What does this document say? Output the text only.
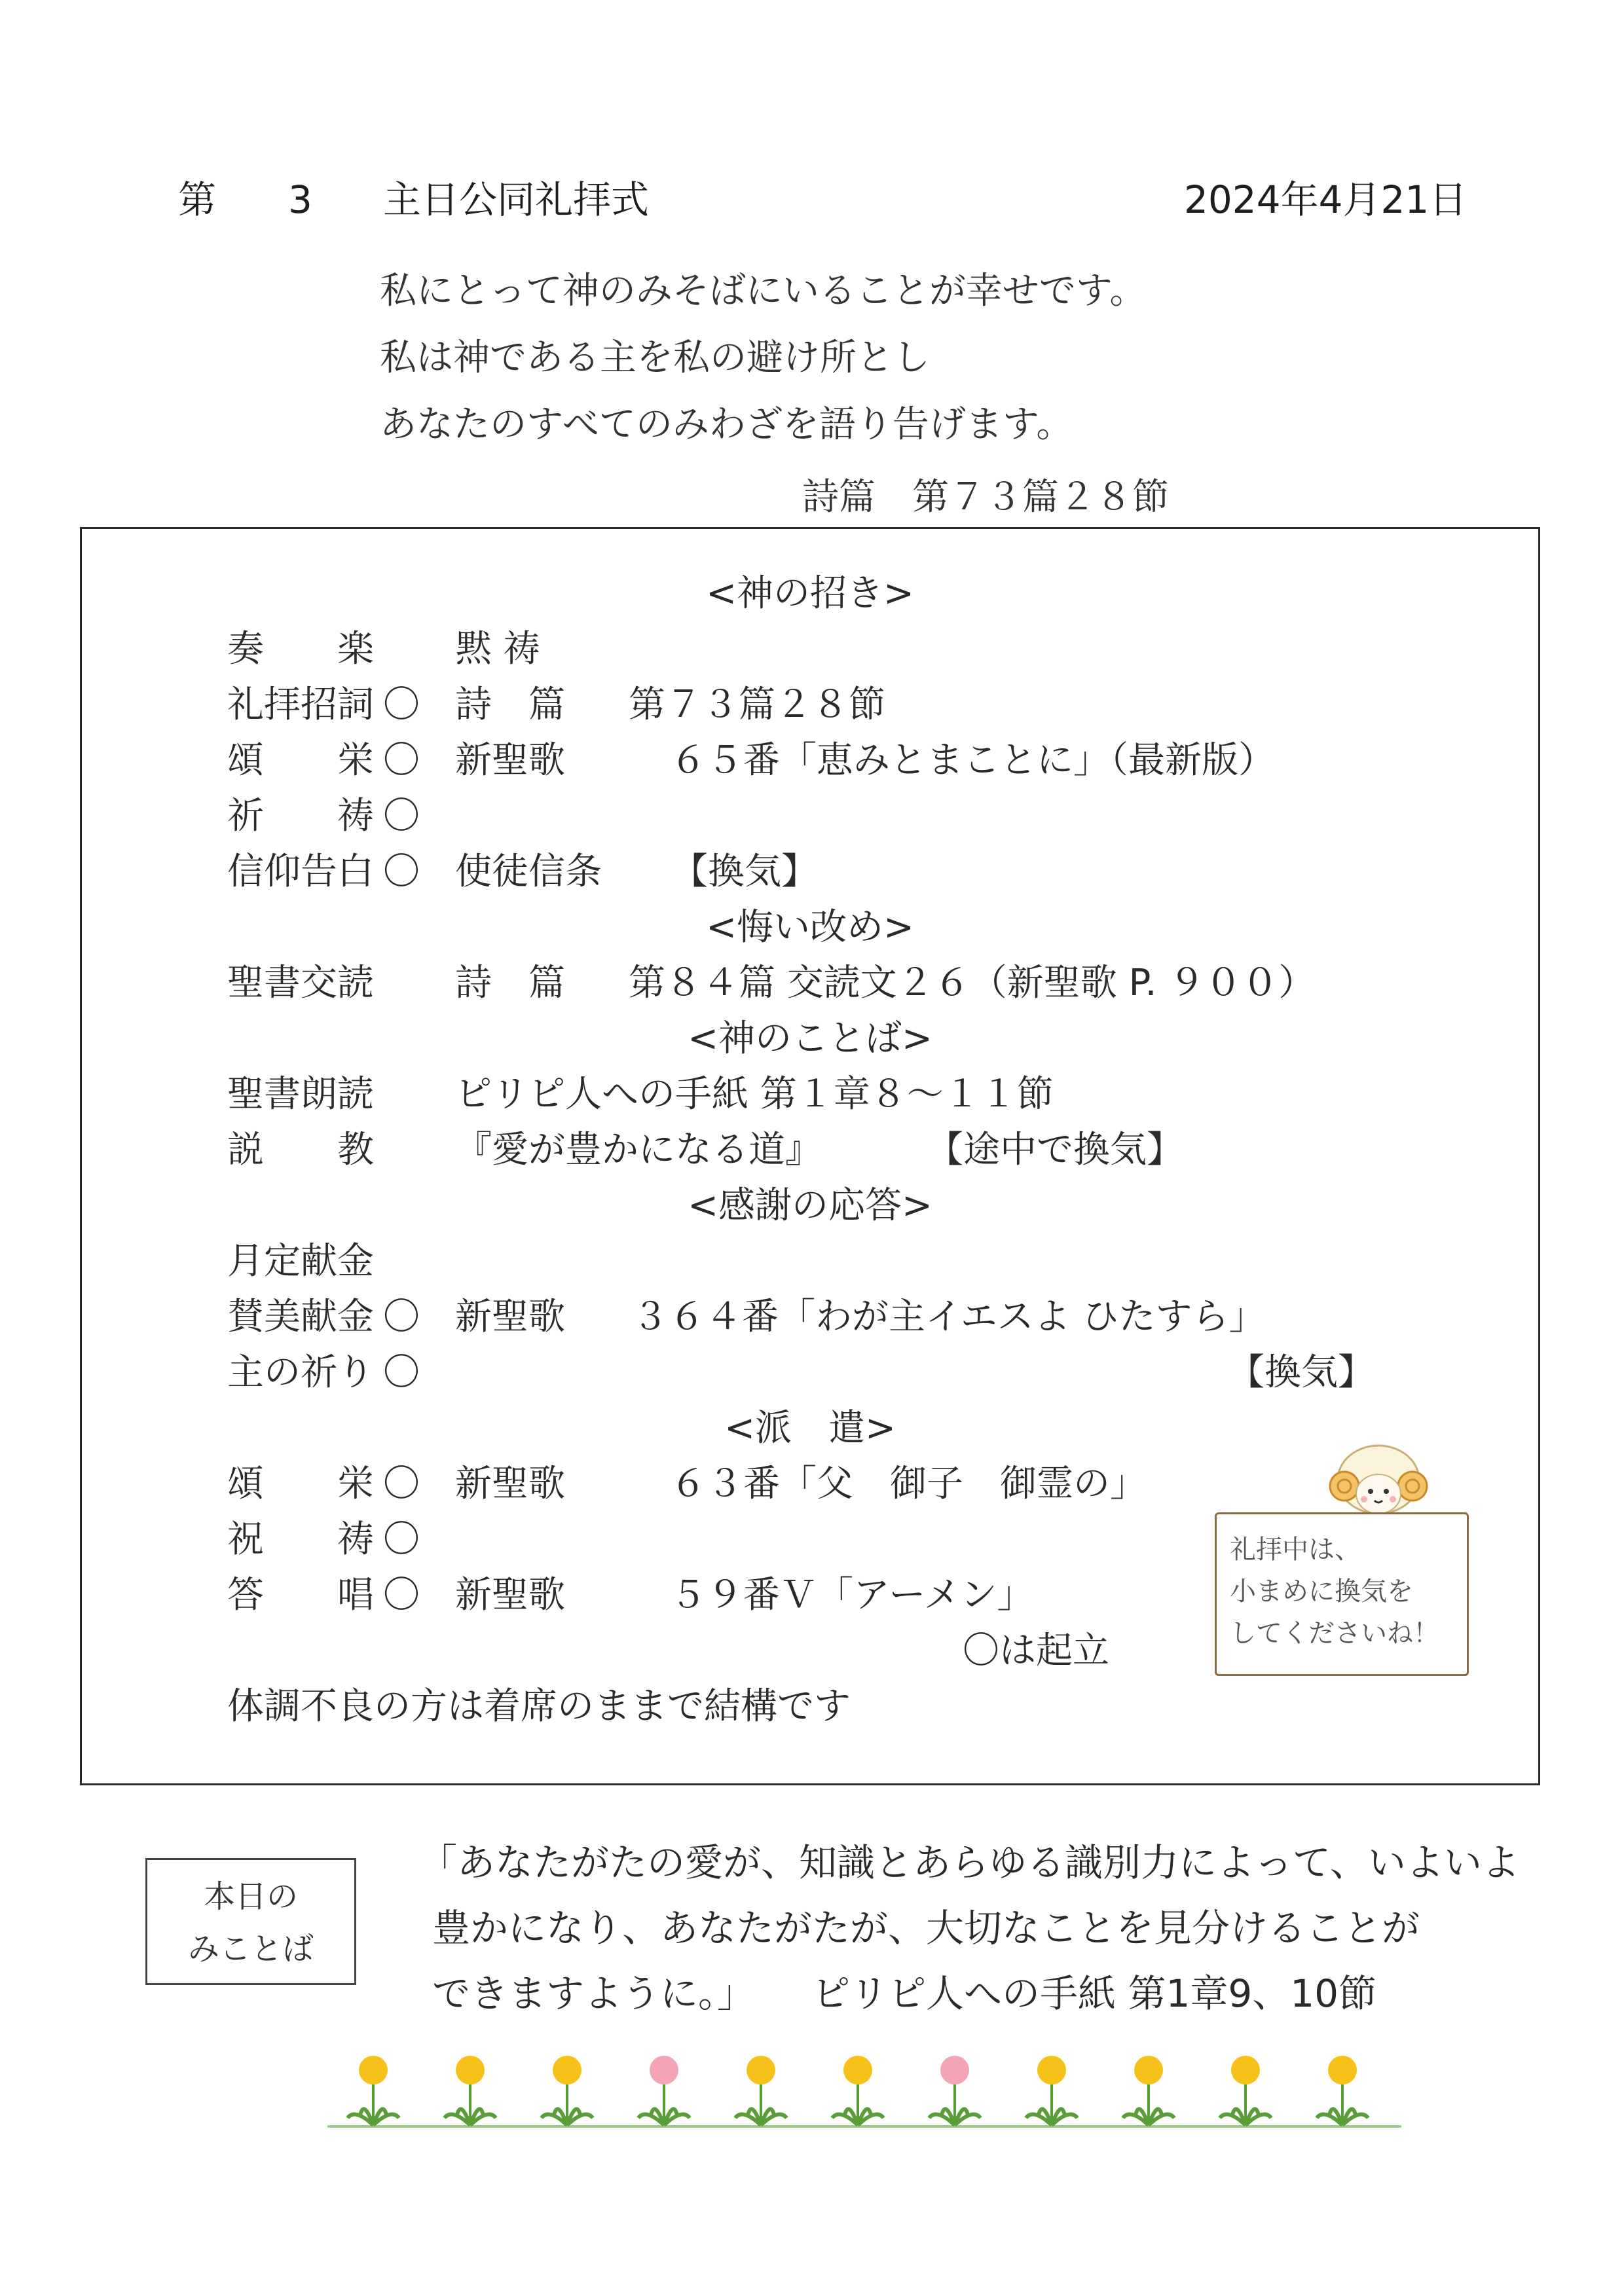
第 3 主日公同礼拝式	2024年4月21日
私にとって神のみそばにいることが幸せです。
私は神である主を私の避け所とし
あなたのすべてのみわざを語り告げます。
詩篇　第７３篇２８節
<神の招き>
奏　　楽 黙 祷
礼拝招詞 〇 詩　篇 第７３篇２８節
頌　　栄 〇 新聖歌	６５番「恵みとまことに」（最新版）
祈　　祷 〇
信仰告白 〇 使徒信条 【換気】
<悔い改め>
聖書交読 詩　篇 第８４篇 交読文２６（新聖歌 P. ９００）
<神のことば>
聖書朗読 ピリピ人への手紙 第１章８～１１節
説　　教 『愛が豊かになる道』	【途中で換気】
<感謝の応答>
月定献金
賛美献金 〇 新聖歌 ３６４番「わが主イエスよ ひたすら」
主の祈り 〇	【換気】
<派　遣>
頌　　栄 〇 新聖歌	６３番「父　御子　御霊の」
祝　　祷 〇
答　　唱 〇 新聖歌	５９番Ｖ「アーメン」
〇は起立
体調不良の方は着席のままで結構です
礼拝中は、
小まめに換気を
してくださいね！
本日の
みことば
「あなたがたの愛が、知識とあらゆる識別力によって、いよいよ
豊かになり、あなたがたが、大切なことを見分けることが
できますように。」　　ピリピ人への手紙 第1章9、10節
